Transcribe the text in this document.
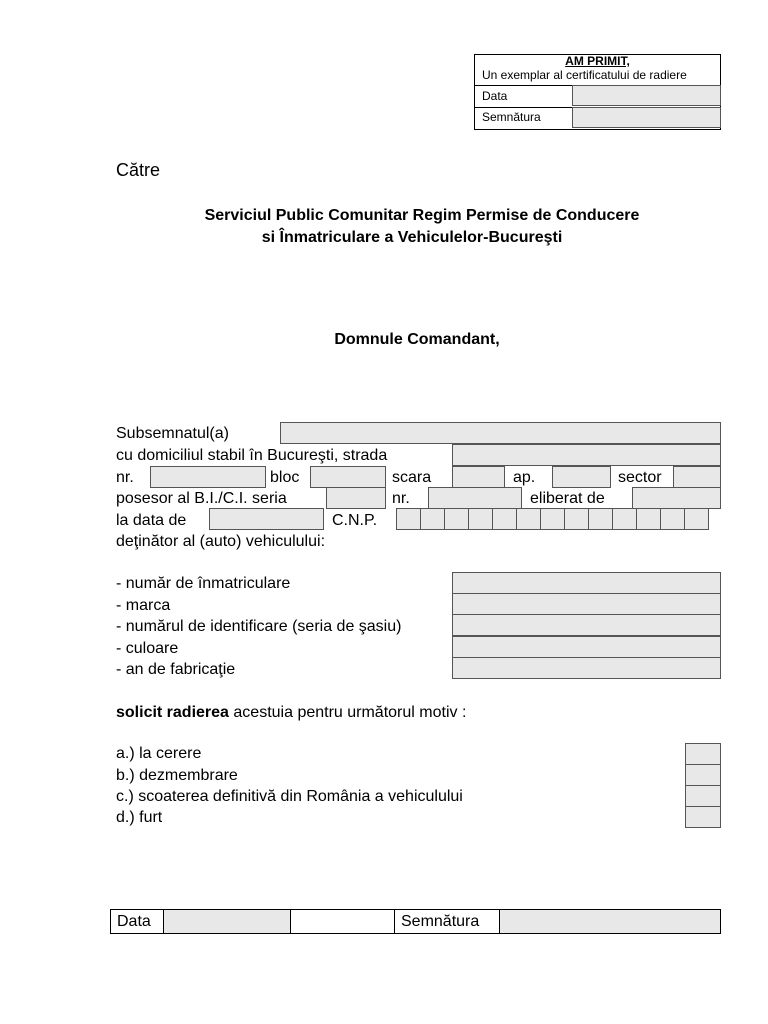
AM PRIMIT,
Un exemplar al certificatului de radiere
Data
Semnătura
Către
Serviciul Public Comunitar Regim Permise de Conducere
si Înmatriculare a Vehiculelor-Bucureşti
Domnule Comandant,
Subsemnatul(a)
cu domiciliul stabil în Bucureşti, strada
nr.	bloc	scara	ap.	sector
posesor al B.I./C.I. seria	nr.	eliberat de
la data de	C.N.P.
deţinător al (auto) vehiculului:
- număr de înmatriculare
- marca
- numărul de identificare (seria de şasiu)
- culoare
- an de fabricaţie
solicit radierea acestuia pentru următorul motiv :
a.) la cerere
b.) dezmembrare
c.) scoaterea definitivă din România a vehiculului
d.) furt
Data	Semnătura
